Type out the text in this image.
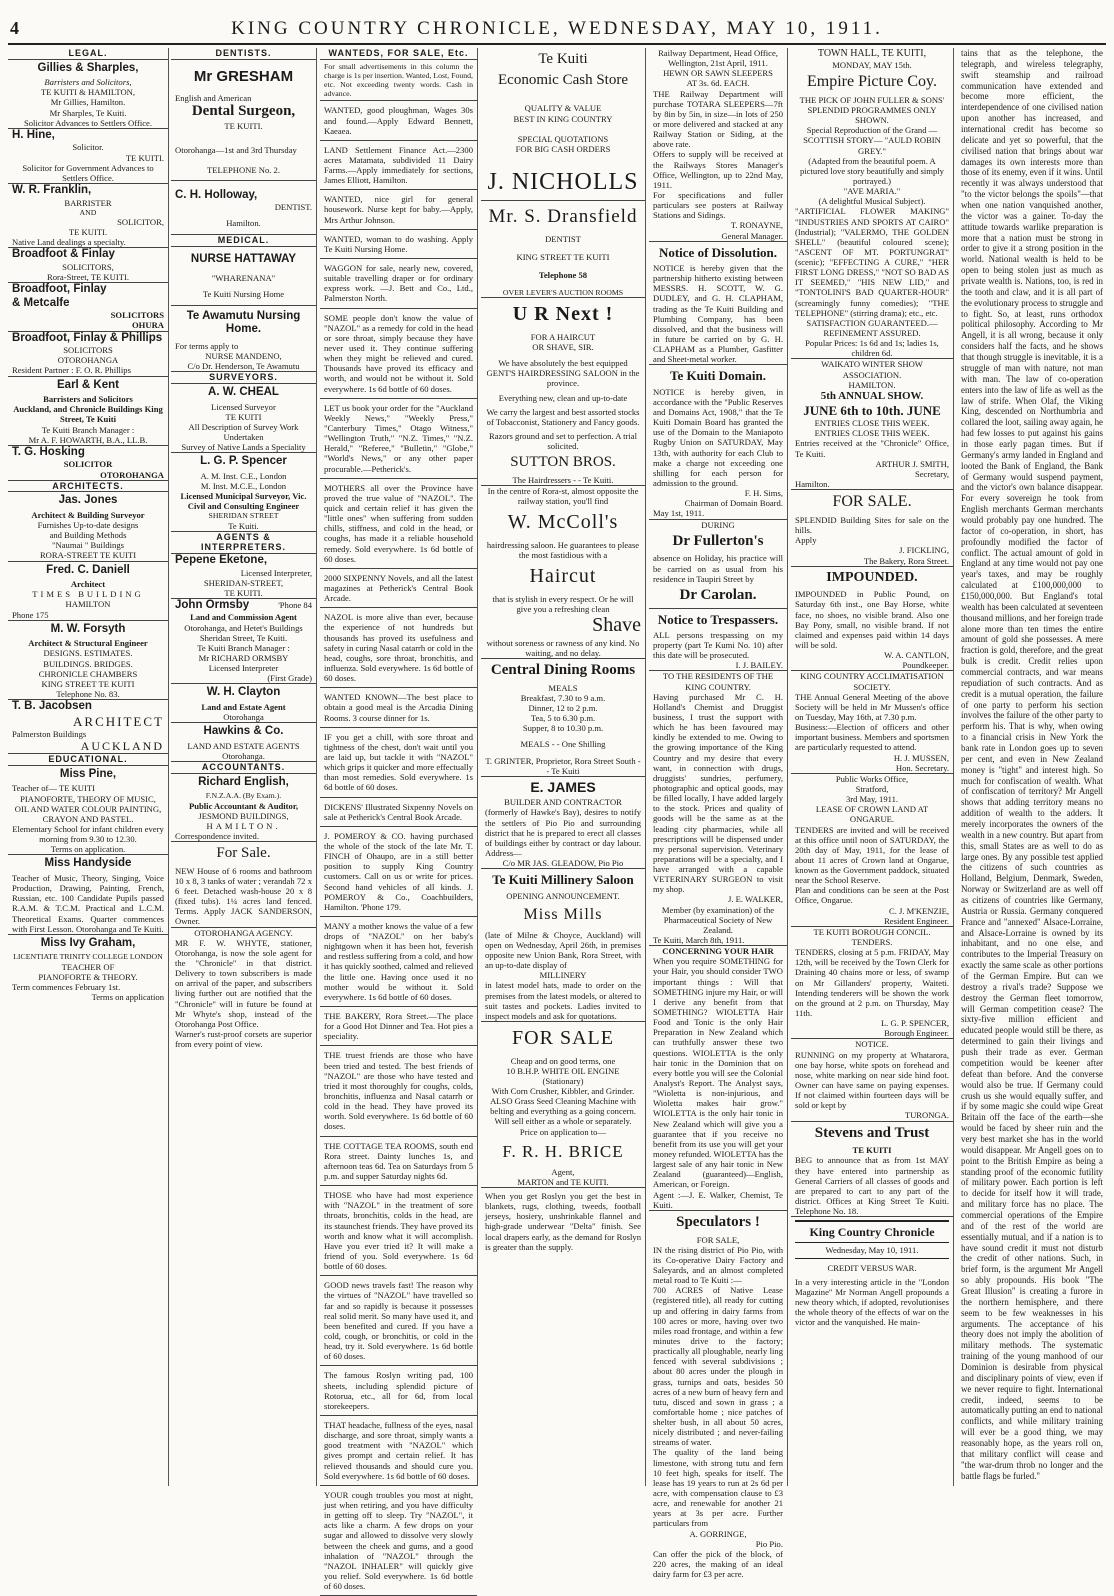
4	KING COUNTRY CHRONICLE, WEDNESDAY, MAY 10, 1911.
LEGAL.
Gillies & Sharples,
Barristers and Solicitors,
TE KUITI & HAMILTON,
Mr Gillies, Hamilton.
Mr Sharples, Te Kuiti.
Solicitor Advances to Settlers Office.
H. Hine,
Solicitor.
TE KUITI.
Solicitor for Government Advances to Settlers Office.
W. R. Franklin,
BARRISTER
AND
SOLICITOR,
TE KUITI.
Native Land dealings a specialty.
Broadfoot & Finlay
SOLICITORS,
Rora-Street, TE KUITI.
Broadfoot, Finlay
& Metcalfe
SOLICITORS
OHURA
Broadfoot, Finlay & Phillips
SOLICITORS
OTOROHANGA
Resident Partner : F. O. R. Phillips
Earl & Kent
Barristers and Solicitors
Auckland, and Chronicle Buildings King Street, Te Kuiti
Te Kuiti Branch Manager :
Mr A. F. HOWARTH, B.A., LL.B.
T. G. Hosking
SOLICITOR
OTOROHANGA
ARCHITECTS.
Jas. Jones
Architect & Building Surveyor
Furnishes Up-to-date designs
and Building Methods
"Naumai " Buildings
RORA-STREET TE KUITI
Fred. C. Daniell
Architect
TIMES BUILDING
HAMILTON
Phone 175
M. W. Forsyth
Architect & Structural Engineer
DESIGNS. ESTIMATES.
BUILDINGS. BRIDGES.
CHRONICLE CHAMBERS
KING STREET TE KUITI
Telephone No. 83.
T. B. Jacobsen
ARCHITECT
Palmerston Buildings
AUCKLAND
EDUCATIONAL.
Miss Pine,
Teacher of— TE KUITI
PIANOFORTE, THEORY OF MUSIC, OIL AND WATER COLOUR PAINTING, CRAYON AND PASTEL.
Elementary School for infant children every morning from 9.30 to 12.30.
Terms on application.
Miss Handyside
Teacher of Music, Theory, Singing, Voice Production, Drawing, Painting, French, Russian, etc. 100 Candidate Pupils passed R.A.M. & T.C.M. Practical and L.C.M. Theoretical Exams. Quarter commences with First Lesson. Otorohanga and Te Kuiti.
Miss Ivy Graham,
LICENTIATE TRINITY COLLEGE LONDON
TEACHER OF
PIANOFORTE & THEORY.
Term commences February 1st.
Terms on application
DENTISTS.
Mr GRESHAM
English and American
Dental Surgeon,
TE KUITI.
Otorohanga—1st and 3rd Thursday
TELEPHONE No. 2.
C. H. Holloway,
DENTIST.
Hamilton.
MEDICAL.
NURSE HATTAWAY
"WHARENANA"
Te Kuiti Nursing Home
Te Awamutu Nursing Home.
For terms apply to
NURSE MANDENO,
C/o Dr. Henderson, Te Awamutu
SURVEYORS.
A. W. CHEAL
Licensed Surveyor
TE KUITI
All Description of Survey Work Undertaken
Survey of Native Lands a Speciality
L. G. P. Spencer
A. M. Inst. C.E., London
M. Inst. M.C.E., London
Licensed Municipal Surveyor, Vic. Civil and Consulting Engineer
SHERIDAN STREET
Te Kuiti.
AGENTS & INTERPRETERS.
Pepene Eketone,
Licensed Interpreter,
SHERIDAN-STREET,
TE KUITI.
John Ormsby	'Phone 84
Land and Commission Agent
Otorohanga, and Hetet's Buildings Sheridan Street, Te Kuiti.
Te Kuiti Branch Manager :
Mr RICHARD ORMSBY
Licensed Interpreter
(First Grade)
W. H. Clayton
Land and Estate Agent
Otorohanga
Hawkins & Co.
LAND AND ESTATE AGENTS
Otorohanga.
ACCOUNTANTS.
Richard English,
F.N.Z.A.A. (By Exam.).
Public Accountant & Auditor,
JESMOND BUILDINGS,
HAMILTON.
Correspondence invited.
For Sale.
NEW House of 6 rooms and bathroom 10 x 8, 3 tanks of water ; verandah 72 x 6 feet. Detached wash-house 20 x 8 (fixed tubs). 1¼ acres land fenced. Terms. Apply JACK SANDERSON, Owner.
OTOROHANGA AGENCY.
MR F. W. WHYTE, stationer, Otorohanga, is now the sole agent for the "Chronicle" in that district. Delivery to town subscribers is made on arrival of the paper, and subscribers living further out are notified that the "Chronicle" will in future be found at Mr Whyte's shop, instead of the Otorohanga Post Office.
Warner's rust-proof corsets are superior from every point of view.
WANTEDS, FOR SALE, Etc.
For small advertisements in this column the charge is 1s per insertion. Wanted, Lost, Found, etc. Not exceeding twenty words. Cash in advance.
WANTED, good ploughman, Wages 30s and found.—Apply Edward Bennett, Kaeaea.
LAND Settlement Finance Act.—2300 acres Matamata, subdivided 11 Dairy Farms.—Apply immediately for sections, James Elliott, Hamilton.
WANTED, nice girl for general housework. Nurse kept for baby.—Apply, Mrs Arthur Johnson.
WANTED, woman to do washing. Apply Te Kuiti Nursing Home.
WAGGON for sale, nearly new, covered, suitable travelling draper or for ordinary express work. —J. Bett and Co., Ltd., Palmerston North.
SOME people don't know the value of "NAZOL" as a remedy for cold in the head or sore throat, simply because they have never used it. They continue suffering when they might be relieved and cured. Thousands have proved its efficacy and worth, and would not be without it. Sold everywhere. 1s 6d bottle of 60 doses.
LET us book your order for the "Auckland Weekly News," "Weekly Press," "Canterbury Times," Otago Witness," "Wellington Truth," "N.Z. Times," "N.Z. Herald," "Referee," "Bulletin," "Globe," "World's News," or any other paper procurable.—Petherick's.
MOTHERS all over the Province have proved the true value of "NAZOL". The quick and certain relief it has given the "little ones" when suffering from sudden chills, stiffness, and cold in the head, or coughs, has made it a reliable household remedy. Sold everywhere. 1s 6d bottle of 60 doses.
2000 SIXPENNY Novels, and all the latest magazines at Petherick's Central Book Arcade.
NAZOL is more alive than ever, because the experience of not hundreds but thousands has proved its usefulness and safety in curing Nasal catarrh or cold in the head, coughs, sore throat, bronchitis, and influenza. Sold everywhere. 1s 6d bottle of 60 doses.
WANTED KNOWN—The best place to obtain a good meal is the Arcadia Dining Rooms. 3 course dinner for 1s.
IF you get a chill, with sore throat and tightness of the chest, don't wait until you are laid up, but tackle it with "NAZOL" which grips it quicker and more effectually than most remedies. Sold everywhere. 1s 6d bottle of 60 doses.
DICKENS' Illustrated Sixpenny Novels on sale at Petherick's Central Book Arcade.
J. POMEROY & CO. having purchased the whole of the stock of the late Mr. T. FINCH of Ohaupo, are in a still better position to supply King Country customers. Call on us or write for prices. Second hand vehicles of all kinds. J. POMEROY & Co., Coachbuilders, Hamilton. 'Phone 179.
MANY a mother knows the value of a few drops of "NAZOL" on her baby's nightgown when it has been hot, feverish and restless suffering from a cold, and how it has quickly soothed, calmed and relieved the little one. Having once used it no mother would be without it. Sold everywhere. 1s 6d bottle of 60 doses.
THE BAKERY, Rora Street.—The place for a Good Hot Dinner and Tea. Hot pies a speciality.
THE truest friends are those who have been tried and tested. The best friends of "NAZOL" are those who have tested and tried it most thoroughly for coughs, colds, bronchitis, influenza and Nasal catarrh or cold in the head. They have proved its worth. Sold everywhere. 1s 6d bottle of 60 doses.
THE COTTAGE TEA ROOMS, south end Rora street. Dainty lunches 1s, and afternoon teas 6d. Tea on Saturdays from 5 p.m. and supper Saturday nights 6d.
THOSE who have had most experience with "NAZOL" in the treatment of sore throats, bronchitis, colds in the head, are its staunchest friends. They have proved its worth and know what it will accomplish. Have you ever tried it? It will make a friend of you. Sold everywhere. 1s 6d bottle of 60 doses.
GOOD news travels fast! The reason why the virtues of "NAZOL" have travelled so far and so rapidly is because it possesses real solid merit. So many have used it, and been benefited and cured. If you have a cold, cough, or bronchitis, or cold in the head, try it. Sold everywhere. 1s 6d bottle of 60 doses.
The famous Roslyn writing pad, 100 sheets, including splendid picture of Rotorua, etc., all for 6d, from local storekeepers.
THAT headache, fullness of the eyes, nasal discharge, and sore throat, simply wants a good treatment with "NAZOL" which gives prompt and certain relief. It has relieved thousands and should cure you. Sold everywhere. 1s 6d bottle of 60 doses.
YOUR cough troubles you most at night, just when retiring, and you have difficulty in getting off to sleep. Try "NAZOL", it acts like a charm. A few drops on your sugar and allowed to dissolve very slowly between the cheek and gums, and a good inhalation of "NAZOL" through the "NAZOL INHALER" will quickly give you relief. Sold everywhere. 1s 6d bottle of 60 doses.
Te Kuiti
Economic Cash Store
QUALITY & VALUE
BEST IN KING COUNTRY
SPECIAL QUOTATIONS
FOR BIG CASH ORDERS
J. NICHOLLS
Mr. S. Dransfield
DENTIST
KING STREET TE KUITI
Telephone 58
OVER LEVER'S AUCTION ROOMS
U R Next !
FOR A HAIRCUT
OR SHAVE, SIR.
We have absolutely the best equipped GENT'S HAIRDRESSING SALOON in the province.
Everything new, clean and up-to-date
We carry the largest and best assorted stocks of Tobacconist, Stationery and Fancy goods.
Razors ground and set to perfection. A trial solicited.
SUTTON BROS.
The Hairdressers - - Te Kuiti.
In the centre of Rora-st, almost opposite the railway station, you'll find
W. McColl's
hairdressing saloon. He guarantees to please the most fastidious with a
Haircut
that is stylish in every respect. Or he will give you a refreshing clean
Shave
without soreness or rawness of any kind. No waiting, and no delay.
Central Dining Rooms
MEALS
Breakfast, 7.30 to 9 a.m.
Dinner, 12 to 2 p.m.
Tea, 5 to 6.30 p.m.
Supper, 8 to 10.30 p.m.
MEALS - - One Shilling
T. GRINTER, Proprietor, Rora Street South - - Te Kuiti
E. JAMES
BUILDER AND CONTRACTOR
(formerly of Hawke's Bay), desires to notify the settlers of Pio Pio and surrounding district that he is prepared to erect all classes of buildings either by contract or day labour. Address—
C/o MR JAS. GLEADOW, Pio Pio
Te Kuiti Millinery Saloon
OPENING ANNOUNCEMENT.
Miss Mills
(late of Milne & Choyce, Auckland) will open on Wednesday, April 26th, in premises opposite new Union Bank, Rora Street, with an up-to-date display of
MILLINERY
in latest model hats, made to order on the premises from the latest models, or altered to suit tastes and pockets. Ladies invited to inspect models and ask for quotations.
FOR SALE
Cheap and on good terms, one
10 B.H.P. WHITE OIL ENGINE (Stationary)
With Corn Crusher, Kibbler, and Grinder. ALSO Grass Seed Cleaning Machine with belting and everything as a going concern. Will sell either as a whole or separately.
Price on application to—
F. R. H. BRICE
Agent,
MARTON and TE KUITI.
When you get Roslyn you get the best in blankets, rugs, clothing, tweeds, football jerseys, hosiery, unshrinkable flannel and high-grade underwear "Delta" finish. See local drapers early, as the demand for Roslyn is greater than the supply.
Railway Department, Head Office, Wellington, 21st April, 1911.
HEWN OR SAWN SLEEPERS
AT 3s. 6d. EACH.
THE Railway Department will purchase TOTARA SLEEPERS—7ft by 8in by 5in, in size—in lots of 250 or more delivered and stacked at any Railway Station or Siding, at the above rate.
Offers to supply will be received at the Railways Stores Manager's Office, Wellington, up to 22nd May, 1911.
For specifications and fuller particulars see posters at Railway Stations and Sidings.
T. RONAYNE,
General Manager.
Notice of Dissolution.
NOTICE is hereby given that the partnership hitherto existing between MESSRS. H. SCOTT, W. G. DUDLEY, and G. H. CLAPHAM, trading as the Te Kuiti Building and Plumbing Company, has been dissolved, and that the business will in future be carried on by G. H. CLAPHAM as a Plumber, Gasfitter and Sheet-metal worker.
Te Kuiti Domain.
NOTICE is hereby given, in accordance with the "Public Reserves and Domains Act, 1908," that the Te Kuiti Domain Board has granted the use of the Domain to the Maniapoto Rugby Union on SATURDAY, May 13th, with authority for each Club to make a charge not exceeding one shilling for each person for admission to the ground.
F. H. Sims,
Chairman of Domain Board.
May 1st, 1911.
DURING
Dr Fullerton's
absence on Holiday, his practice will be carried on as usual from his residence in Taupiri Street by
Dr Carolan.
Notice to Trespassers.
ALL persons trespassing on my property (part Te Kumi No. 10) after this date will be prosecuted.
I. J. BAILEY.
TO THE RESIDENTS OF THE KING COUNTRY.
Having purchased Mr C. H. Holland's Chemist and Druggist business, I trust the support with which he has been favoured may kindly be extended to me. Owing to the growing importance of the King Country and my desire that every want, in connection with drugs, druggists' sundries, perfumery, photographic and optical goods, may be filled locally, I have added largely to the stock. Prices and quality of goods will be the same as at the leading city pharmacies, while all prescriptions will be dispensed under my personal supervision. Veterinary preparations will be a specialty, and I have arranged with a capable VETERINARY SURGEON to visit my shop.
J. E. WALKER,
Member (by examination) of the Pharmaceutical Society of New Zealand.
Te Kuiti, March 8th, 1911.
CONCERNING YOUR HAIR
When you require SOMETHING for your Hair, you should consider TWO important things : Will that SOMETHING injure my Hair, or will I derive any benefit from that SOMETHING? WIOLETTA Hair Food and Tonic is the only Hair Preparation in New Zealand which can truthfully answer these two questions. WIOLETTA is the only hair tonic in the Dominion that on every bottle you will see the Colonial Analyst's Report. The Analyst says, "Wioletta is non-injurious, and Wioletta makes hair grow." WIOLETTA is the only hair tonic in New Zealand which will give you a guarantee that if you receive no benefit from its use you will get your money refunded. WIOLETTA has the largest sale of any hair tonic in New Zealand (guaranteed)—English, American, or Foreign.
Agent :—J. E. Walker, Chemist, Te Kuiti.
Speculators !
FOR SALE,
IN the rising district of Pio Pio, with its Co-operative Dairy Factory and Saleyards, and an almost completed metal road to Te Kuiti :—
700 ACRES of Native Lease (registered title), all ready for cutting up and offering in dairy farms from 100 acres or more, having over two miles road frontage, and within a few minutes drive to the factory; practically all ploughable, nearly ling fenced with several subdivisions ; about 80 acres under the plough in grass, turnips and oats, besides 50 acres of a new burn of heavy fern and tutu, disced and sown in grass ; a comfortable home ; nice patches of shelter bush, in all about 50 acres, nicely distributed ; and never-failing streams of water.
The quality of the land being limestone, with strong tutu and fern 10 feet high, speaks for itself. The lease has 19 years to run at 2s 6d per acre, with compensation clause to £3 acre, and renewable for another 21 years at 3s per acre. Further particulars from
A. GORRINGE,
Pio Pio.
Can offer the pick of the block, of 220 acres, the making of an ideal dairy farm for £3 per acre.
TOWN HALL, TE KUITI,
MONDAY, MAY 15th.
Empire Picture Coy.
THE PICK OF JOHN FULLER & SONS' SPLENDID PROGRAMMES ONLY SHOWN.
Special Reproduction of the Grand — SCOTTISH STORY— "AULD ROBIN GREY."
(Adapted from the beautiful poem. A pictured love story beautifully and simply portrayed.)
"AVE MARIA."
(A delightful Musical Subject).
"ARTIFICIAL FLOWER MAKING" "INDUSTRIES AND SPORTS AT CAIRO" (Industrial); "VALERMO, THE GOLDEN SHELL" (beautiful coloured scene); "ASCENT OF MT. PORTUNGRAT" (scenic); "EFFECTING A CURE," "HER FIRST LONG DRESS," "NOT SO BAD AS IT SEEMED," "HIS NEW LID," and "TONTOLINI'S BAD QUARTER-HOUR" (screamingly funny comedies); "THE TELEPHONE" (stirring drama); etc., etc.
SATISFACTION GUARANTEED.— REFINEMENT ASSURED.
Popular Prices: 1s 6d and 1s; ladies 1s, children 6d.
WAIKATO WINTER SHOW ASSOCIATION.
HAMILTON.
5th ANNUAL SHOW.
JUNE 6th to 10th. JUNE
ENTRIES CLOSE THIS WEEK.
ENTRIES CLOSE THIS WEEK.
Entries received at the "Chronicle" Office, Te Kuiti.
ARTHUR J. SMITH,
Secretary,
Hamilton.
FOR SALE.
SPLENDID Building Sites for sale on the hills.
Apply
J. FICKLING,
The Bakery, Rora Street.
IMPOUNDED.
IMPOUNDED in Public Pound, on Saturday 6th inst., one Bay Horse, white face, no shoes, no visible brand. Also one Bay Pony, small, no visible brand. If not claimed and expenses paid within 14 days will be sold.
W. A. CANTLON,
Poundkeeper.
KING COUNTRY ACCLIMATISATION SOCIETY.
THE Annual General Meeting of the above Society will be held in Mr Mussen's office on Tuesday, May 16th, at 7.30 p.m.
Business:—Election of officers and other important business. Members and sportsmen are particularly requested to attend.
H. J. MUSSEN,
Hon. Secretary.
Public Works Office,
Stratford,
3rd May, 1911.
LEASE OF CROWN LAND AT ONGARUE.
TENDERS are invited and will be received at this office until noon of SATURDAY, the 20th day of May, 1911, for the lease of about 11 acres of Crown land at Ongarue, known as the Government paddock, situated near the School Reserve.
Plan and conditions can be seen at the Post Office, Ongarue.
C. J. M'KENZIE,
Resident Engineer.
TE KUITI BOROUGH CONCIL.
TENDERS.
TENDERS, closing at 5 p.m. FRIDAY, May 12th, will be received by the Town Clerk for Draining 40 chains more or less, of swamp on Mr Gillanders' property, Waiteti. Intending tenderers will be shown the work on the ground at 2 p.m. on Thursday, May 11th.
L. G. P. SPENCER,
Borough Engineer.
NOTICE.
RUNNING on my property at Whatarora, one bay horse, white spots on forehead and nose, white marking on near side hind foot. Owner can have same on paying expenses. If not claimed within fourteen days will be sold or kept by
TURONGA.
Stevens and Trust
TE KUITI
BEG to announce that as from 1st MAY they have entered into partnership as General Carriers of all classes of goods and are prepared to cart to any part of the district. Offices at King Street Te Kuiti. Telephone No. 18.
King Country Chronicle
Wednesday, May 10, 1911.
CREDIT VERSUS WAR.
In a very interesting article in the "London Magazine" Mr Norman Angell propounds a new theory which, if adopted, revolutionises the whole theory of the effects of war on the victor and the vanquished. He main-
tains that as the telephone, the telegraph, and wireless telegraphy, swift steamship and railroad communication have extended and become more efficient, the interdependence of one civilised nation upon another has increased, and international credit has become so delicate and yet so powerful, that the civilised nation that brings about war damages its own interests more than those of its enemy, even if it wins. Until recently it was always understood that "to the victor belongs the spoils"—that when one nation vanquished another, the victor was a gainer. To-day the attitude towards warlike preparation is more that a nation must be strong in order to give it a strong position in the world. National wealth is held to be open to being stolen just as much as private wealth is. Nations, too, is red in the tooth and claw, and it is all part of the evolutionary process to struggle and to fight. So, at least, runs orthodox political philosophy. According to Mr Angell, it is all wrong, because it only considers half the facts, and he shows that though struggle is inevitable, it is a struggle of man with nature, not man with man. The law of co-operation enters into the law of life as well as the law of strife. When Olaf, the Viking King, descended on Northumbria and collared the loot, sailing away again, he had few losses to put against his gains in those early pagan times. But if Germany's army landed in England and looted the Bank of England, the Bank of Germany would suspend payment, and the victor's own balance disappear. For every sovereign he took from English merchants German merchants would probably pay one hundred. The factor of co-operation, in short, has profoundly modified the factor of conflict. The actual amount of gold in England at any time would not pay one year's taxes, and may be roughly calculated at £100,000,000 to £150,000,000. But England's total wealth has been calculated at seventeen thousand millions, and her foreign trade alone more than ten times the entire amount of gold she possesses. A mere fraction is gold, therefore, and the great bulk is credit. Credit relies upon commercial contracts, and war means repudiation of such contracts. And as credit is a mutual operation, the failure of one party to perform his section involves the failure of the other party to perform his. That is why, when owing to a financial crisis in New York the bank rate in London goes up to seven per cent, and even in New Zealand money is "tight" and interest high. So much for confiscation of wealth. What of confiscation of territory? Mr Angell shows that adding territory means no addition of wealth to the adders. It merely incorporates the owners of the wealth in a new country. But apart from this, small States are as well to do as large ones. By any possible test applied the citizens of such countries as Holland, Belgium, Denmark, Sweden, Norway or Switzerland are as well off as citizens of countries like Germany, Austria or Russia. Germany conquered France and "annexed" Alsace-Lorraine, and Alsace-Lorraine is owned by its inhabitant, and no one else, and contributes to the Imperial Treasury on exactly the same scale as other portions of the German Empire. But can we destroy a rival's trade? Suppose we destroy the German fleet tomorrow, will German competition cease? The sixty-five million efficient and educated people would still be there, as determined to gain their livings and push their trade as ever. German competition would be keener after defeat than before. And the converse would also be true. If Germany could crush us she would equally suffer, and if by some magic she could wipe Great Britain off the face of the earth—she would be faced by sheer ruin and the very best market she has in the world would disappear. Mr Angell goes on to point to the British Empire as being a standing proof of the economic futility of military power. Each portion is left to decide for itself how it will trade, and military force has no place. The commercial operations of the Empire and of the rest of the world are essentially mutual, and if a nation is to have sound credit it must not disturb the credit of other nations. Such, in brief form, is the argument Mr Angell so ably propounds. His book "The Great Illusion" is creating a furore in the northern hemisphere, and there seem to be few weaknesses in his arguments. The acceptance of his theory does not imply the abolition of military methods. The systematic training of the young manhood of our Dominion is desirable from physical and disciplinary points of view, even if we never require to fight. International credit, indeed, seems to be automatically putting an end to national conflicts, and while military training will ever be a good thing, we may reasonably hope, as the years roll on, that military conflict will cease and "the war-drum throb no longer and the battle flags be furled."
